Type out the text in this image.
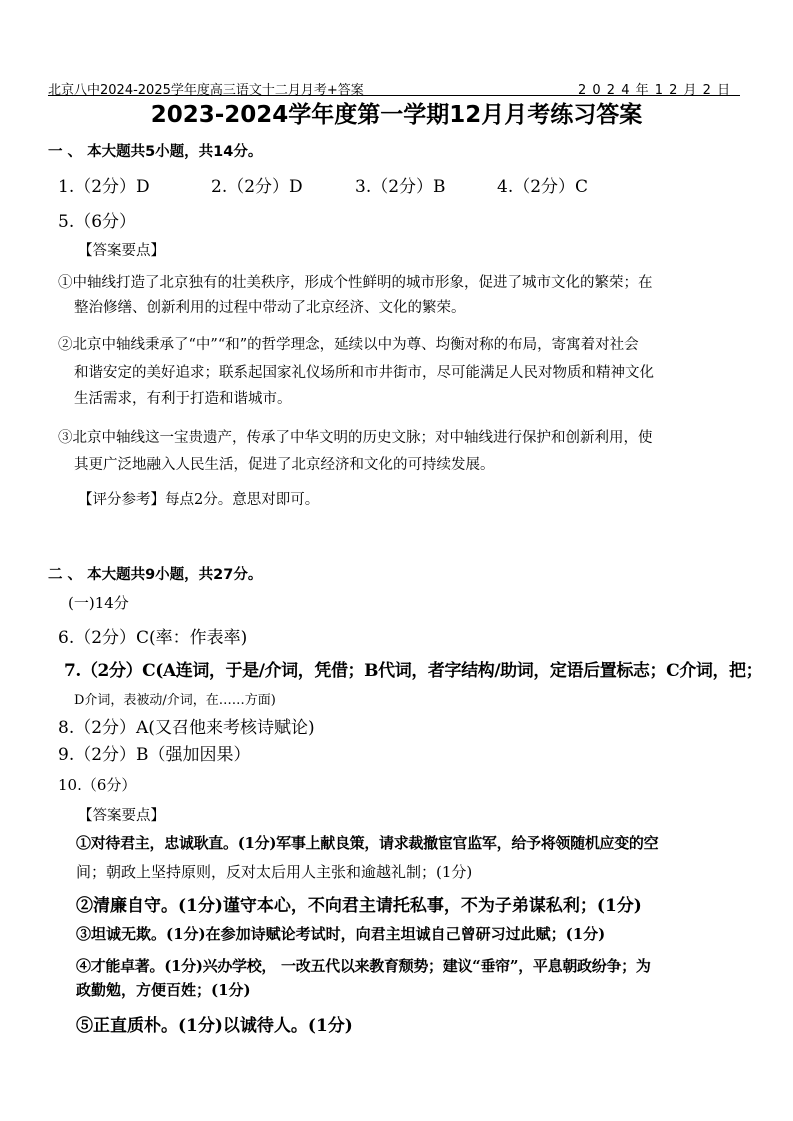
北京八中2024-2025学年度高三语文十二月月考+答案	2 0 2 4 年 1 2 月 2 日
2023-2024学年度第一学期12月月考练习答案
一 、 本大题共5小题，共14分。
1.（2分）D	2.（2分）D	3.（2分）B	4.（2分）C
5.（6分）
【答案要点】
①中轴线打造了北京独有的壮美秩序，形成个性鲜明的城市形象，促进了城市文化的繁荣；在
整治修缮、创新利用的过程中带动了北京经济、文化的繁荣。
②北京中轴线秉承了“中”“和”的哲学理念，延续以中为尊、均衡对称的布局，寄寓着对社会
和谐安定的美好追求；联系起国家礼仪场所和市井街市，尽可能满足人民对物质和精神文化
生活需求，有利于打造和谐城市。
③北京中轴线这一宝贵遗产，传承了中华文明的历史文脉；对中轴线进行保护和创新利用，使
其更广泛地融入人民生活，促进了北京经济和文化的可持续发展。
【评分参考】每点2分。意思对即可。
二 、 本大题共9小题，共27分。
(一)14分
6.（2分）C(率：作表率)
7.（2分）C(A连词，于是/介词，凭借；B代词，者字结构/助词，定语后置标志；C介词，把；
D介词，表被动/介词，在……方面)
8.（2分）A(又召他来考核诗赋论)
9.（2分）B（强加因果）
10.（6分）
【答案要点】
①对待君主，忠诚耿直。(1分)军事上献良策，请求裁撤宦官监军，给予将领随机应变的空
间；朝政上坚持原则，反对太后用人主张和逾越礼制；(1分)
②清廉自守。(1分)谨守本心，不向君主请托私事，不为子弟谋私利；(1分)
③坦诚无欺。(1分)在参加诗赋论考试时，向君主坦诚自己曾研习过此赋；(1分)
④才能卓著。(1分)兴办学校， 一改五代以来教育颓势；建议“垂帘”，平息朝政纷争；为
政勤勉，方便百姓；(1分)
⑤正直质朴。(1分)以诚待人。(1分)
